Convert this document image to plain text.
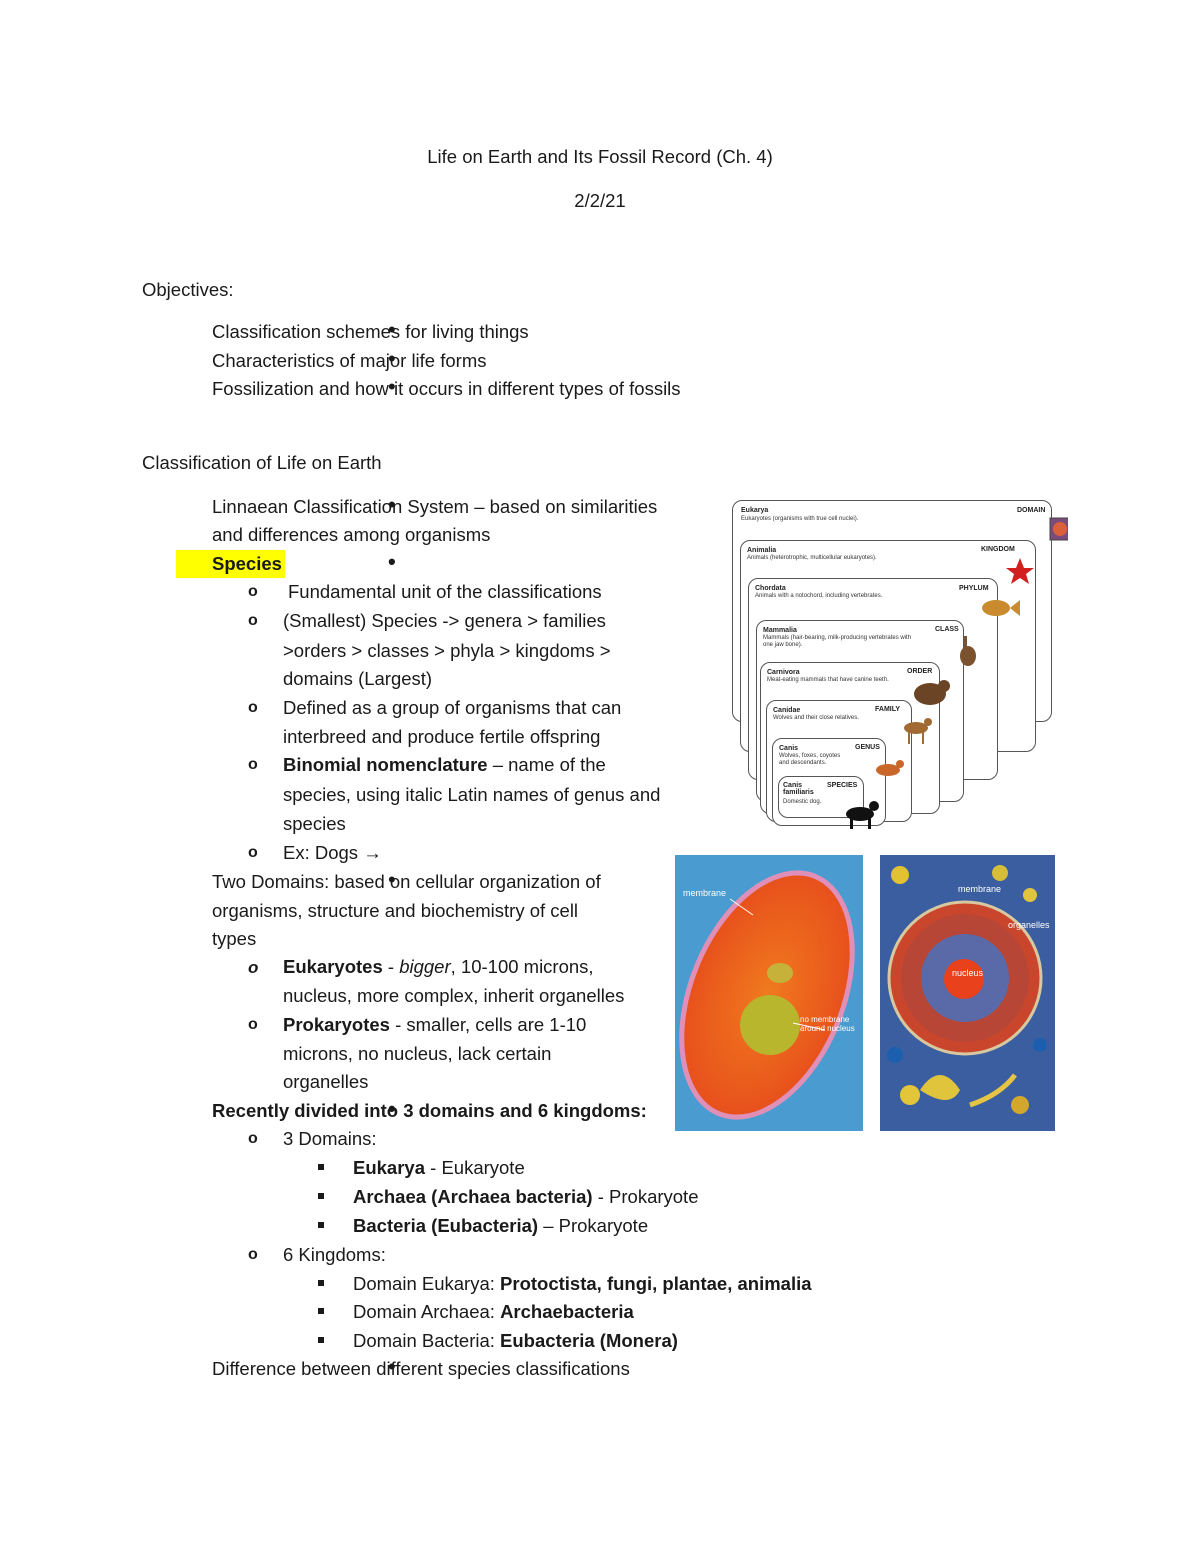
Life on Earth and Its Fossil Record (Ch. 4)
2/2/21
Objectives:
• Classification schemes for living things
• Characteristics of major life forms
• Fossilization and how it occurs in different types of fossils
Classification of Life on Earth
• Linnaean Classification System – based on similarities
and differences among organisms
• Species
o Fundamental unit of the classifications
o (Smallest) Species -> genera > families
>orders > classes > phyla > kingdoms >
domains (Largest)
o Defined as a group of organisms that can
interbreed and produce fertile offspring
o Binomial nomenclature – name of the
species, using italic Latin names of genus and
species
o Ex: Dogs →
• Two Domains: based on cellular organization of
organisms, structure and biochemistry of cell
types
o Eukaryotes - bigger, 10-100 microns,
nucleus, more complex, inherit organelles
o Prokaryotes - smaller, cells are 1-10
microns, no nucleus, lack certain
organelles
• Recently divided into 3 domains and 6 kingdoms:
o 3 Domains:
Eukarya - Eukaryote
Archaea (Archaea bacteria) - Prokaryote
Bacteria (Eubacteria) – Prokaryote
o 6 Kingdoms:
Domain Eukarya: Protoctista, fungi, plantae, animalia
Domain Archaea: Archaebacteria
Domain Bacteria: Eubacteria (Monera)
• Difference between different species classifications
Eukarya
Eukaryotes (organisms with true cell nuclei).
DOMAIN
Animalia
Animals (heterotrophic, multicellular eukaryotes).
KINGDOM
Chordata
Animals with a notochord, including vertebrates.
PHYLUM
Mammalia
Mammals (hair-bearing, milk-producing vertebrates with one jaw bone).
CLASS
Carnivora
Meat-eating mammals that have canine teeth.
ORDER
Canidae
Wolves and their close relatives.
FAMILY
Canis
Wolves, foxes, coyotes and descendants.
GENUS
Canis familiaris
Domestic dog.
SPECIES
membrane
no membrane around nucleus
membrane
organelles
nucleus
